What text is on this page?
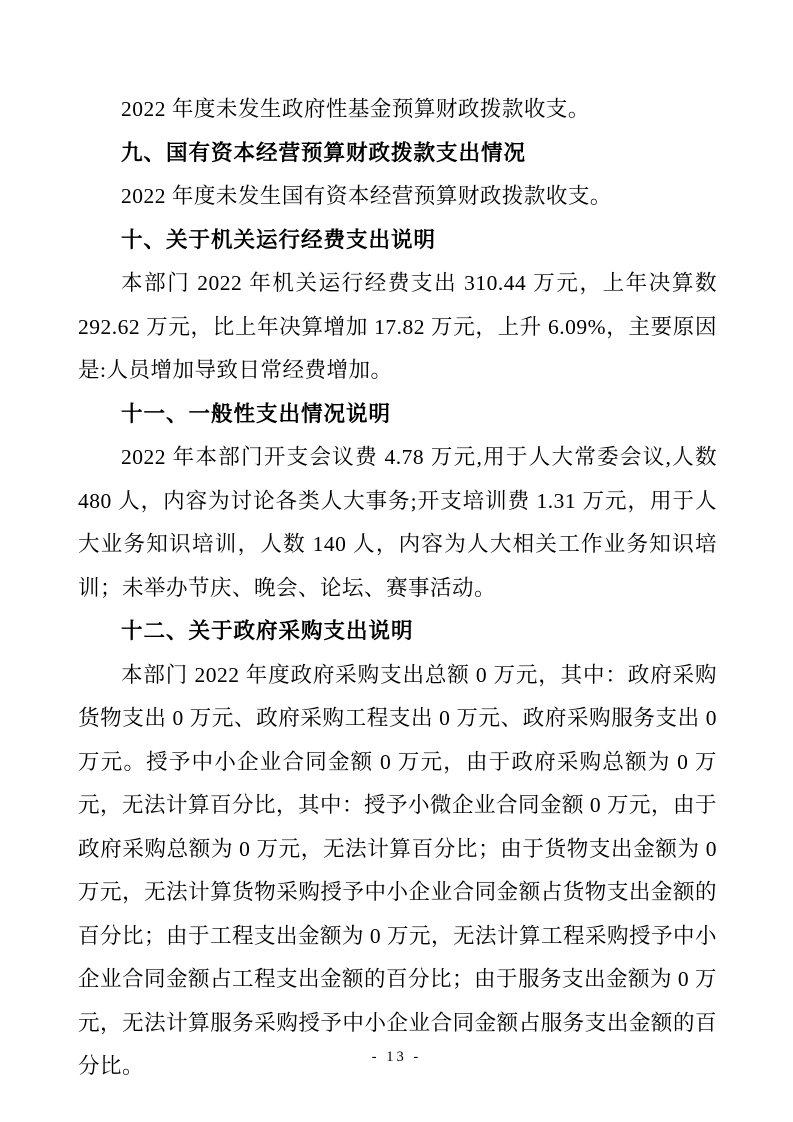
2022 年度未发生政府性基金预算财政拨款收支。

九、国有资本经营预算财政拨款支出情况

2022 年度未发生国有资本经营预算财政拨款收支。

十、关于机关运行经费支出说明

本部门 2022 年机关运行经费支出 310.44 万元，上年决算数 292.62 万元，比上年决算增加 17.82 万元，上升 6.09%，主要原因是:人员增加导致日常经费增加。

十一、一般性支出情况说明

2022 年本部门开支会议费 4.78 万元,用于人大常委会议,人数 480 人，内容为讨论各类人大事务;开支培训费 1.31 万元，用于人大业务知识培训，人数 140 人，内容为人大相关工作业务知识培训；未举办节庆、晚会、论坛、赛事活动。

十二、关于政府采购支出说明

本部门 2022 年度政府采购支出总额 0 万元，其中：政府采购货物支出 0 万元、政府采购工程支出 0 万元、政府采购服务支出 0 万元。授予中小企业合同金额 0 万元，由于政府采购总额为 0 万元，无法计算百分比，其中：授予小微企业合同金额 0 万元，由于政府采购总额为 0 万元，无法计算百分比；由于货物支出金额为 0 万元，无法计算货物采购授予中小企业合同金额占货物支出金额的百分比；由于工程支出金额为 0 万元，无法计算工程采购授予中小企业合同金额占工程支出金额的百分比；由于服务支出金额为 0 万元，无法计算服务采购授予中小企业合同金额占服务支出金额的百分比。	- 13 -
